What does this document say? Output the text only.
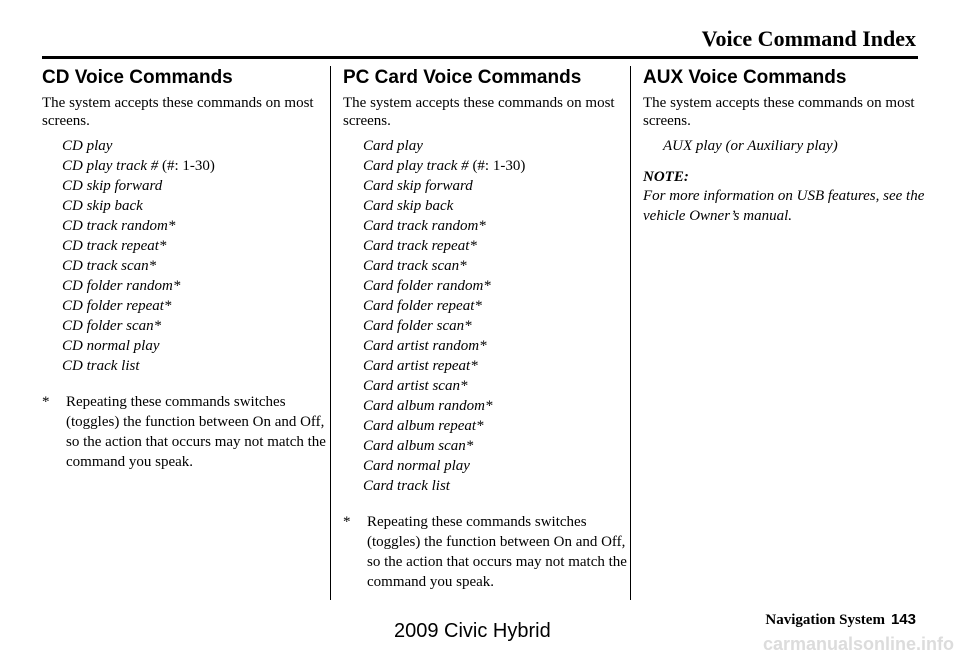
Voice Command Index
CD Voice Commands

The system accepts these commands on most screens.

CD play
CD play track # (#: 1-30)
CD skip forward
CD skip back
CD track random*
CD track repeat*
CD track scan*
CD folder random*
CD folder repeat*
CD folder scan*
CD normal play
CD track list
*	Repeating these commands switches (toggles) the function between On and Off, so the action that occurs may not match the command you speak.
PC Card Voice Commands

The system accepts these commands on most screens.

Card play
Card play track # (#: 1-30)
Card skip forward
Card skip back
Card track random*
Card track repeat*
Card track scan*
Card folder random*
Card folder repeat*
Card folder scan*
Card artist random*
Card artist repeat*
Card artist scan*
Card album random*
Card album repeat*
Card album scan*
Card normal play
Card track list
*	Repeating these commands switches (toggles) the function between On and Off, so the action that occurs may not match the command you speak.
AUX Voice Commands

The system accepts these commands on most screens.

AUX play (or Auxiliary play)
NOTE:
For more information on USB features, see the vehicle Owner’s manual.
Navigation System 143
2009 Civic Hybrid
carmanualsonline.info
